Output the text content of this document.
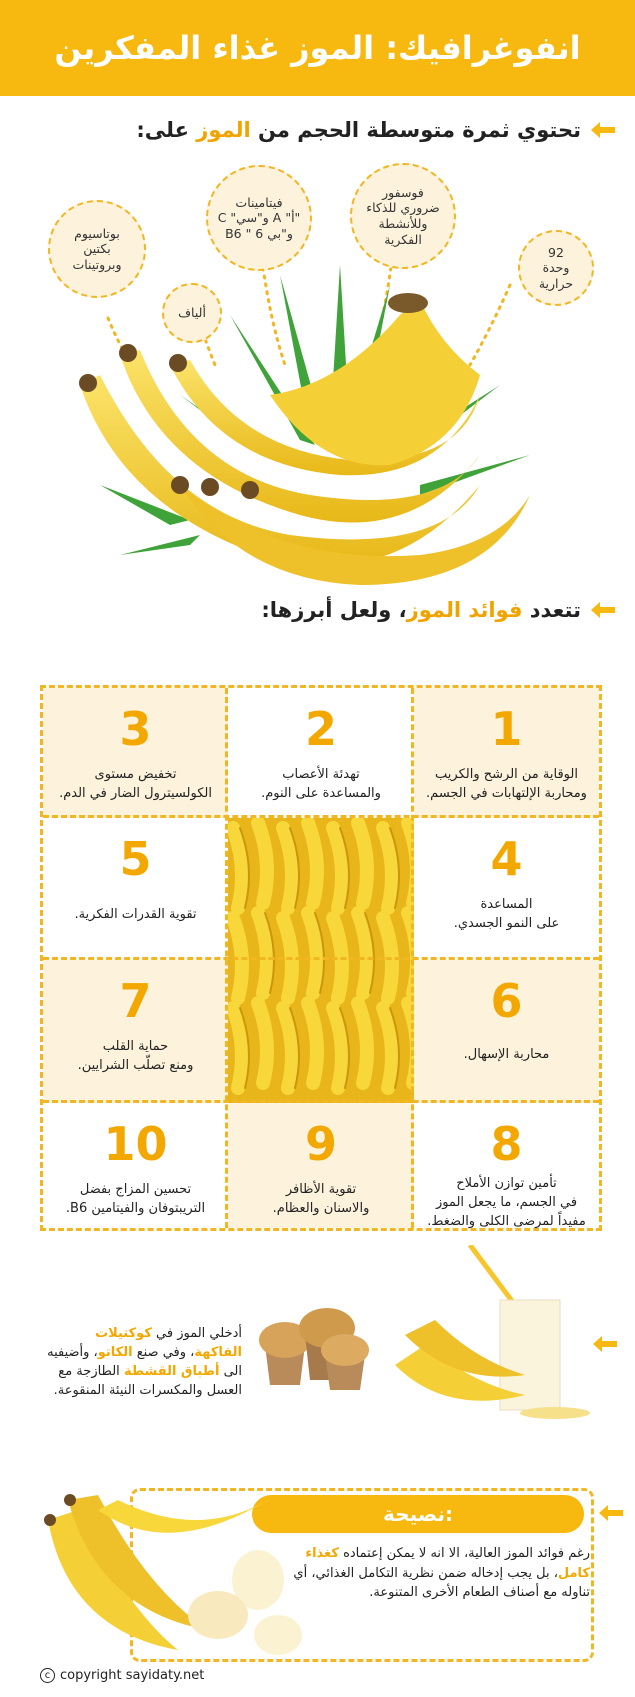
انفوغرافيك: الموز غذاء المفكرين
تحتوي ثمرة متوسطة الحجم من الموز على:
بوتاسيوم
بكتين
وبروتينات
ألياف
فيتامينات
"أ" A و"سي" C
و"بي 6 " B6
فوسفور
ضروري للذكاء
وللأنشطة
الفكرية
92
وحدة حرارية
تتعدد فوائد الموز، ولعل أبرزها:
3
تخفيض مستوى
الكولسيترول الضار في الدم.
2
تهدئة الأعصاب
والمساعدة على النوم.
1
الوقاية من الرشح والكريب
ومحاربة الإلتهابات في الجسم.
5
تقوية القدرات الفكرية.
4
المساعدة
على النمو الجسدي.
7
حماية القلب
ومنع تصلّب الشرايين.
6
محاربة الإسهال.
10
تحسين المزاج بفضل
التريبتوفان والفيتامين B6.
9
تقوية الأظافر
والاسنان والعظام.
8
تأمين توازن الأملاح
في الجسم، ما يجعل الموز
مفيداً لمرضى الكلى والضغط.
أدخلي الموز في كوكتيلات الفاكهة، وفي صنع الكاتو، وأضيفيه الى أطباق القشطة الطازجة مع العسل والمكسرات النيئة المنقوعة.
نصيحة:
رغم فوائد الموز العالية، الا انه لا يمكن إعتماده كغذاء كامل، بل يجب إدخاله ضمن نظرية التكامل الغذائي، أي تناوله مع أصناف الطعام الأخرى المتنوعة.
c copyright sayidaty.net
